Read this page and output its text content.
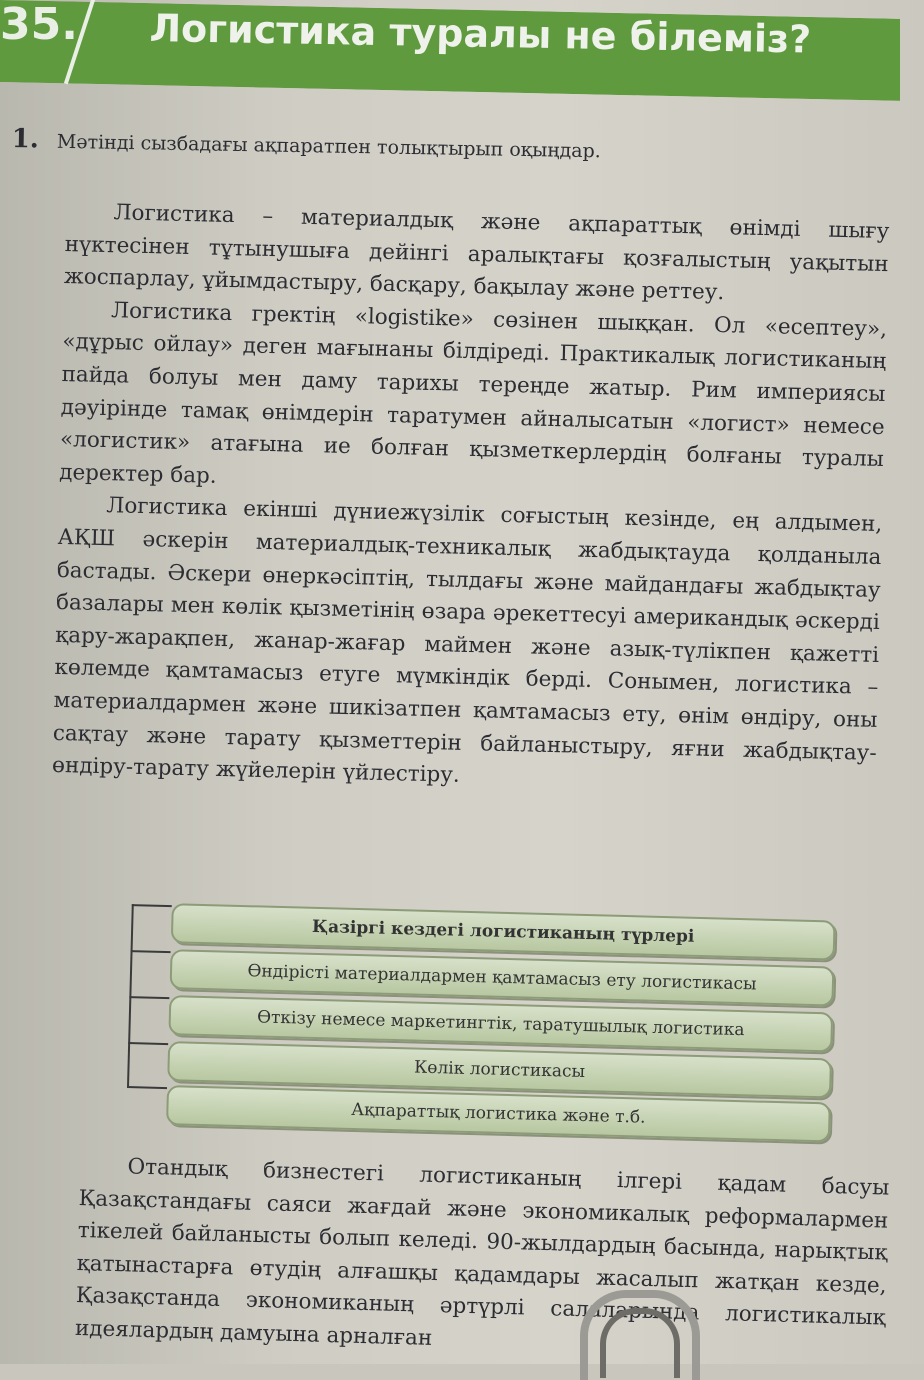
35. Логистика туралы не білеміз?
1. Мәтінді сызбадағы ақпаратпен толықтырып оқыңдар.

Логистика – материалдық және ақпараттық өнімді шығу нүктесінен тұтынушыға дейінгі аралықтағы қозғалыстың уақытын жоспарлау, ұйымдастыру, басқару, бақылау және реттеу.

Логистика гректің «logistike» сөзінен шыққан. Ол «есептеу», «дұрыс ойлау» деген мағынаны білдіреді. Практикалық логистиканың пайда болуы мен даму тарихы тереңде жатыр. Рим империясы дәуірінде тамақ өнімдерін таратумен айналысатын «логист» немесе «логистик» атағына ие болған қызметкерлердің болғаны туралы деректер бар.

Логистика екінші дүниежүзілік соғыстың кезінде, ең алдымен, АҚШ әскерін материалдық-техникалық жабдықтауда қолданыла бастады. Әскери өнеркәсіптің, тылдағы және майдандағы жабдықтау базалары мен көлік қызметінің өзара әрекеттесуі американдық әскерді қару-жарақпен, жанар-жағар маймен және азық-түлікпен қажетті көлемде қамтамасыз етуге мүмкіндік берді. Сонымен, логистика – материалдармен және шикізатпен қамтамасыз ету, өнім өндіру, оны сақтау және тарату қызметтерін байланыстыру, яғни жабдықтау-өндіру-тарату жүйелерін үйлестіру.

Қазіргі кездегі логистиканың түрлері
Өндірісті материалдармен қамтамасыз ету логистикасы
Өткізу немесе маркетингтік, таратушылық логистика
Көлік логистикасы
Ақпараттық логистика және т.б.

Отандық бизнестегі логистиканың ілгері қадам басуы Қазақстандағы саяси жағдай және экономикалық реформалармен тікелей байланысты болып келеді. 90-жылдардың басында, нарықтық қатынастарға өтудің алғашқы қадамдары жасалып жатқан кезде, Қазақстанда экономиканың әртүрлі салаларында логистикалық идеялардың дамуына арналған
